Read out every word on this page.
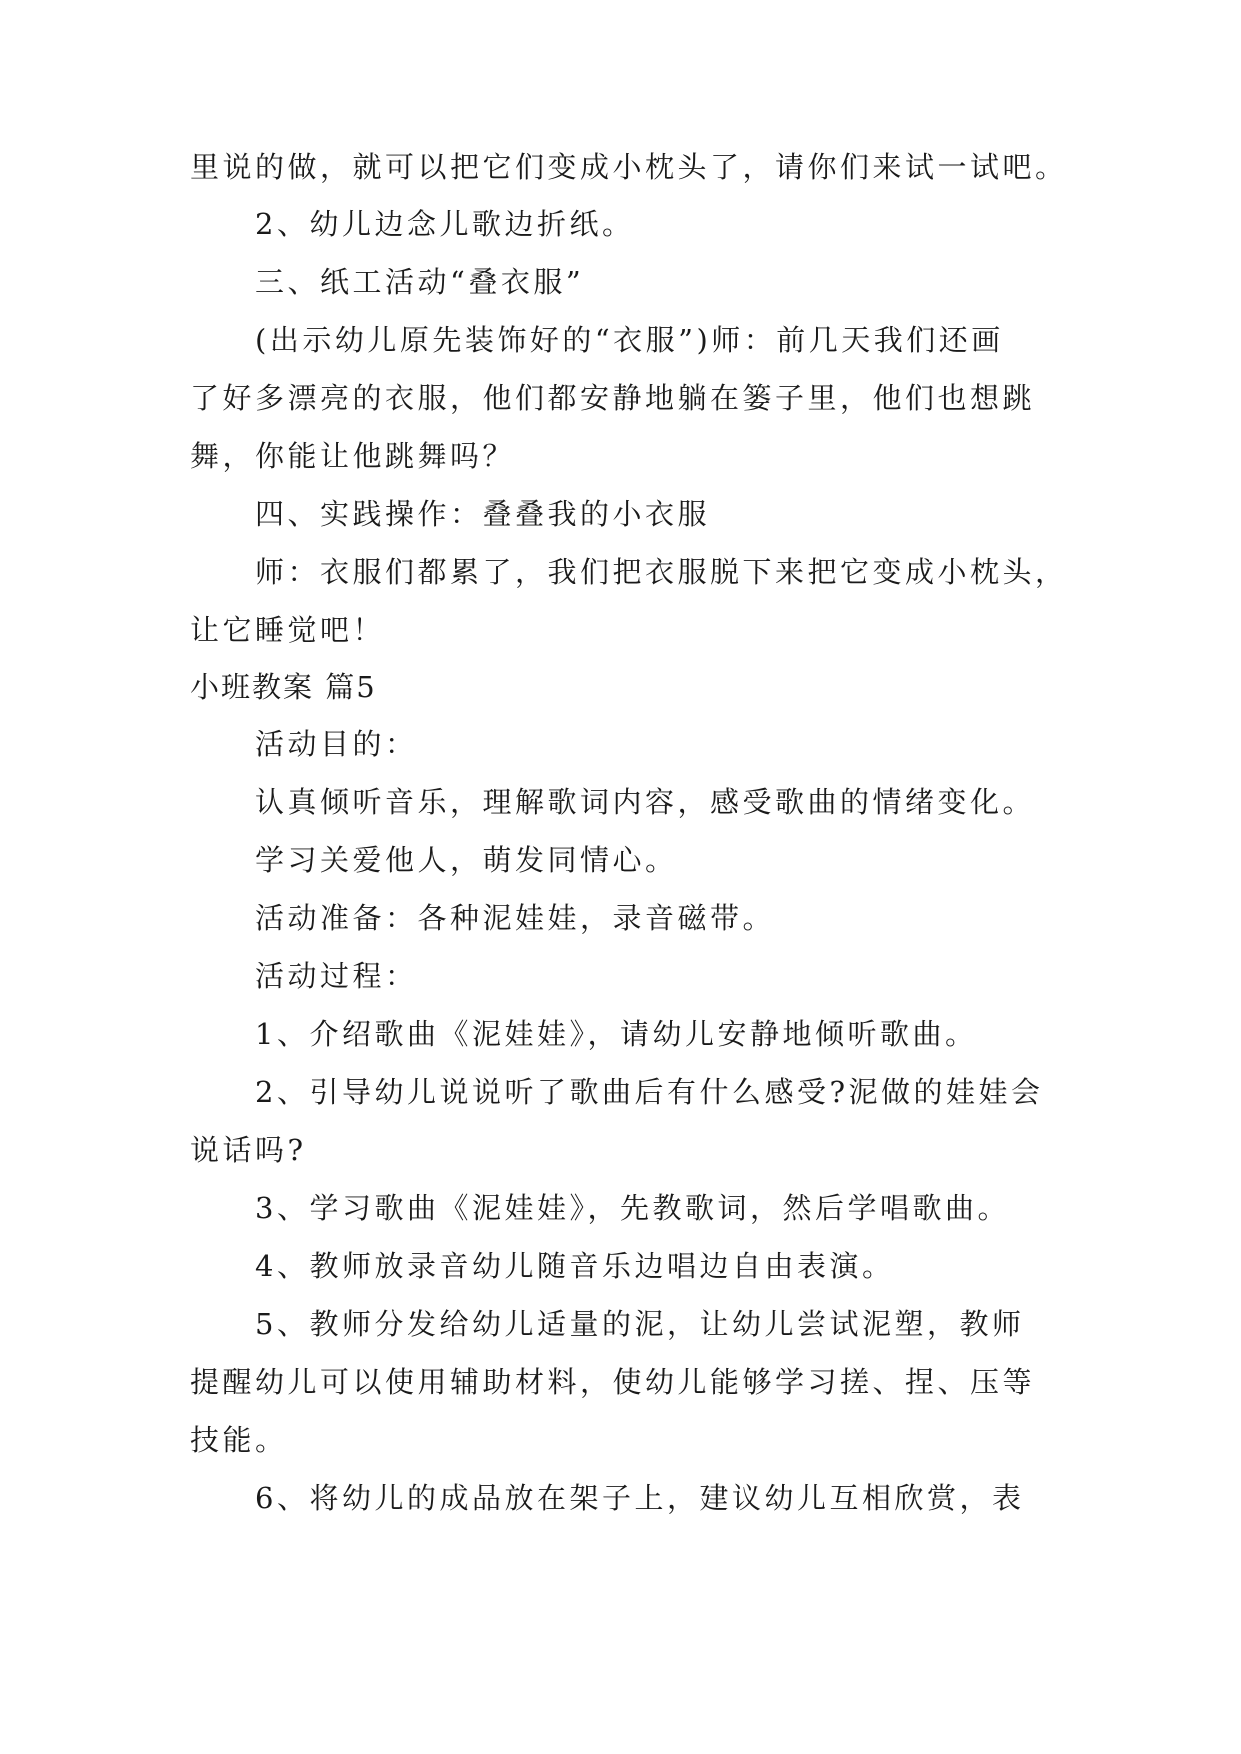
里说的做，就可以把它们变成小枕头了，请你们来试一试吧。
2、幼儿边念儿歌边折纸。
三、纸工活动“叠衣服”
(出示幼儿原先装饰好的“衣服”)师：前几天我们还画
了好多漂亮的衣服，他们都安静地躺在篓子里，他们也想跳
舞，你能让他跳舞吗？
四、实践操作：叠叠我的小衣服
师：衣服们都累了，我们把衣服脱下来把它变成小枕头，
让它睡觉吧！
小班教案 篇5
活动目的：
认真倾听音乐，理解歌词内容，感受歌曲的情绪变化。
学习关爱他人，萌发同情心。
活动准备：各种泥娃娃，录音磁带。
活动过程：
1、介绍歌曲《泥娃娃》，请幼儿安静地倾听歌曲。
2、引导幼儿说说听了歌曲后有什么感受?泥做的娃娃会
说话吗?
3、学习歌曲《泥娃娃》，先教歌词，然后学唱歌曲。
4、教师放录音幼儿随音乐边唱边自由表演。
5、教师分发给幼儿适量的泥，让幼儿尝试泥塑，教师
提醒幼儿可以使用辅助材料，使幼儿能够学习搓、捏、压等
技能。
6、将幼儿的成品放在架子上，建议幼儿互相欣赏，表
